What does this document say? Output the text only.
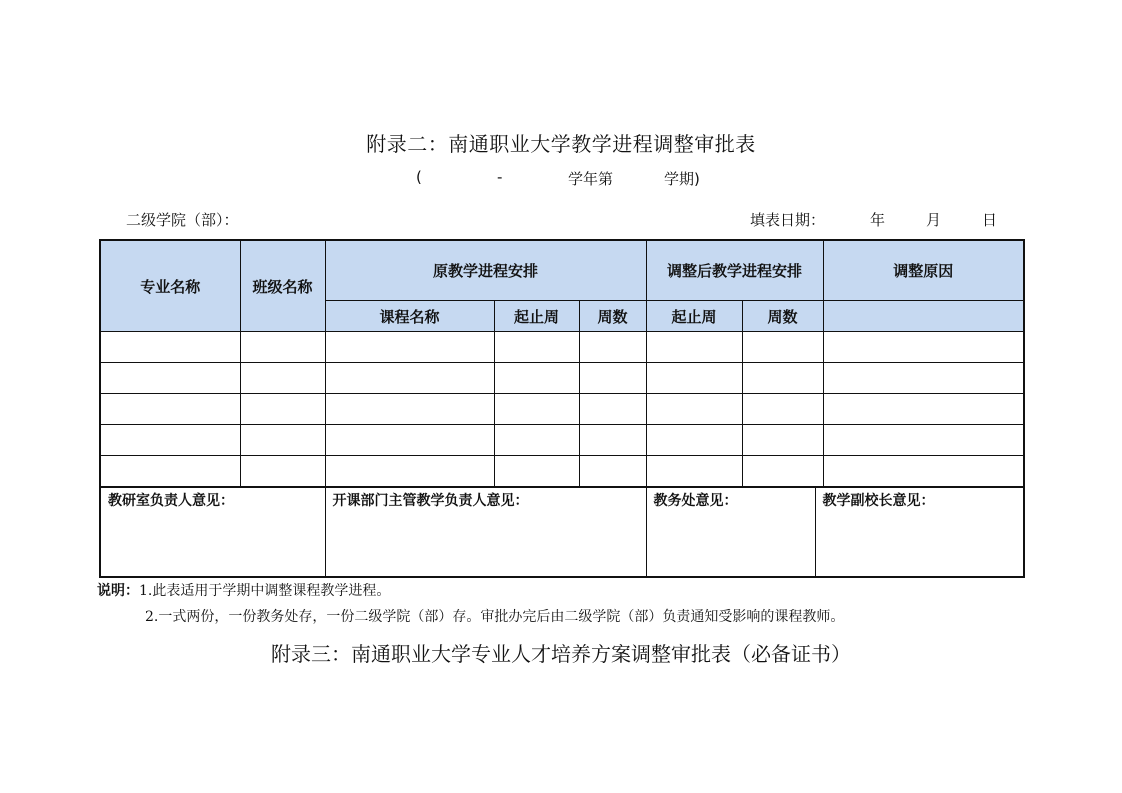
附录二：南通职业大学教学进程调整审批表
(	-	学年第	学期)
二级学院（部）：	填表日期：	年	月	日
专业名称	班级名称	原教学进程安排			调整后教学进程安排		调整原因
		课程名称	起止周	周数	起止周	周数	

教研室负责人意见：	开课部门主管教学负责人意见：	教务处意见：	教学副校长意见：
说明：1.此表适用于学期中调整课程教学进程。
2.一式两份，一份教务处存，一份二级学院（部）存。审批办完后由二级学院（部）负责通知受影响的课程教师。
附录三：南通职业大学专业人才培养方案调整审批表（必备证书）
